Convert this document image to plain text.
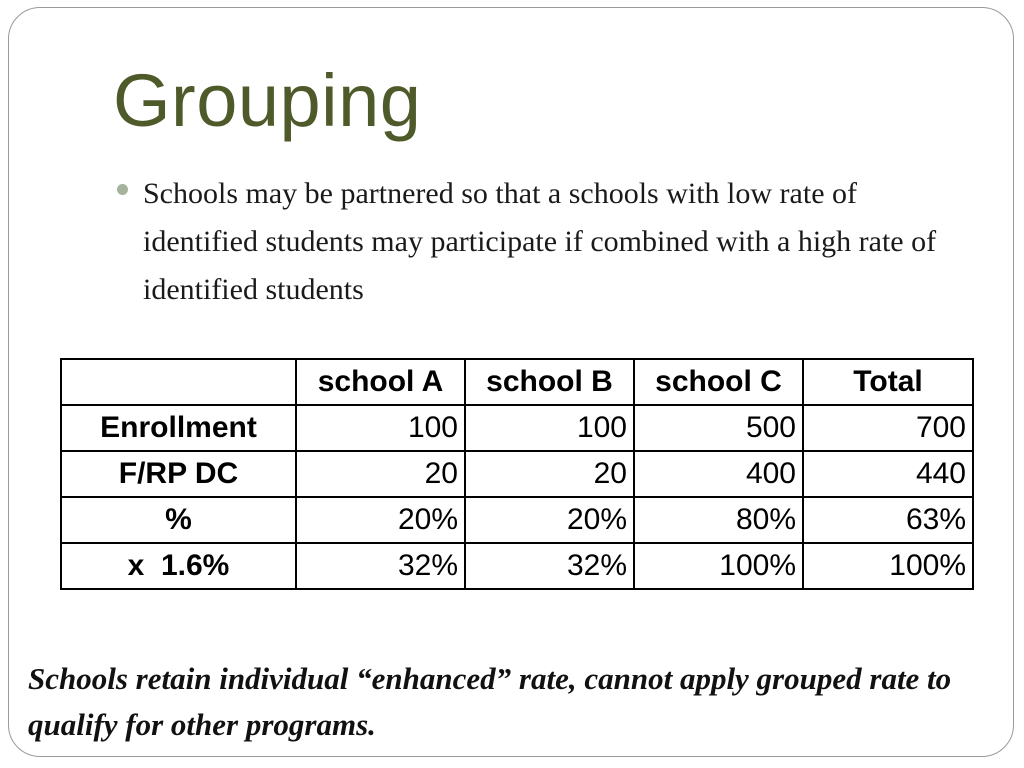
Grouping
Schools may be partnered so that a schools with low rate of identified students may participate if combined with a high rate of identified students
	school A	school B	school C	Total
Enrollment	100	100	500	700
F/RP DC	20	20	400	440
%	20%	20%	80%	63%
x  1.6%	32%	32%	100%	100%
Schools retain individual “enhanced” rate, cannot apply grouped rate to qualify for other programs.
